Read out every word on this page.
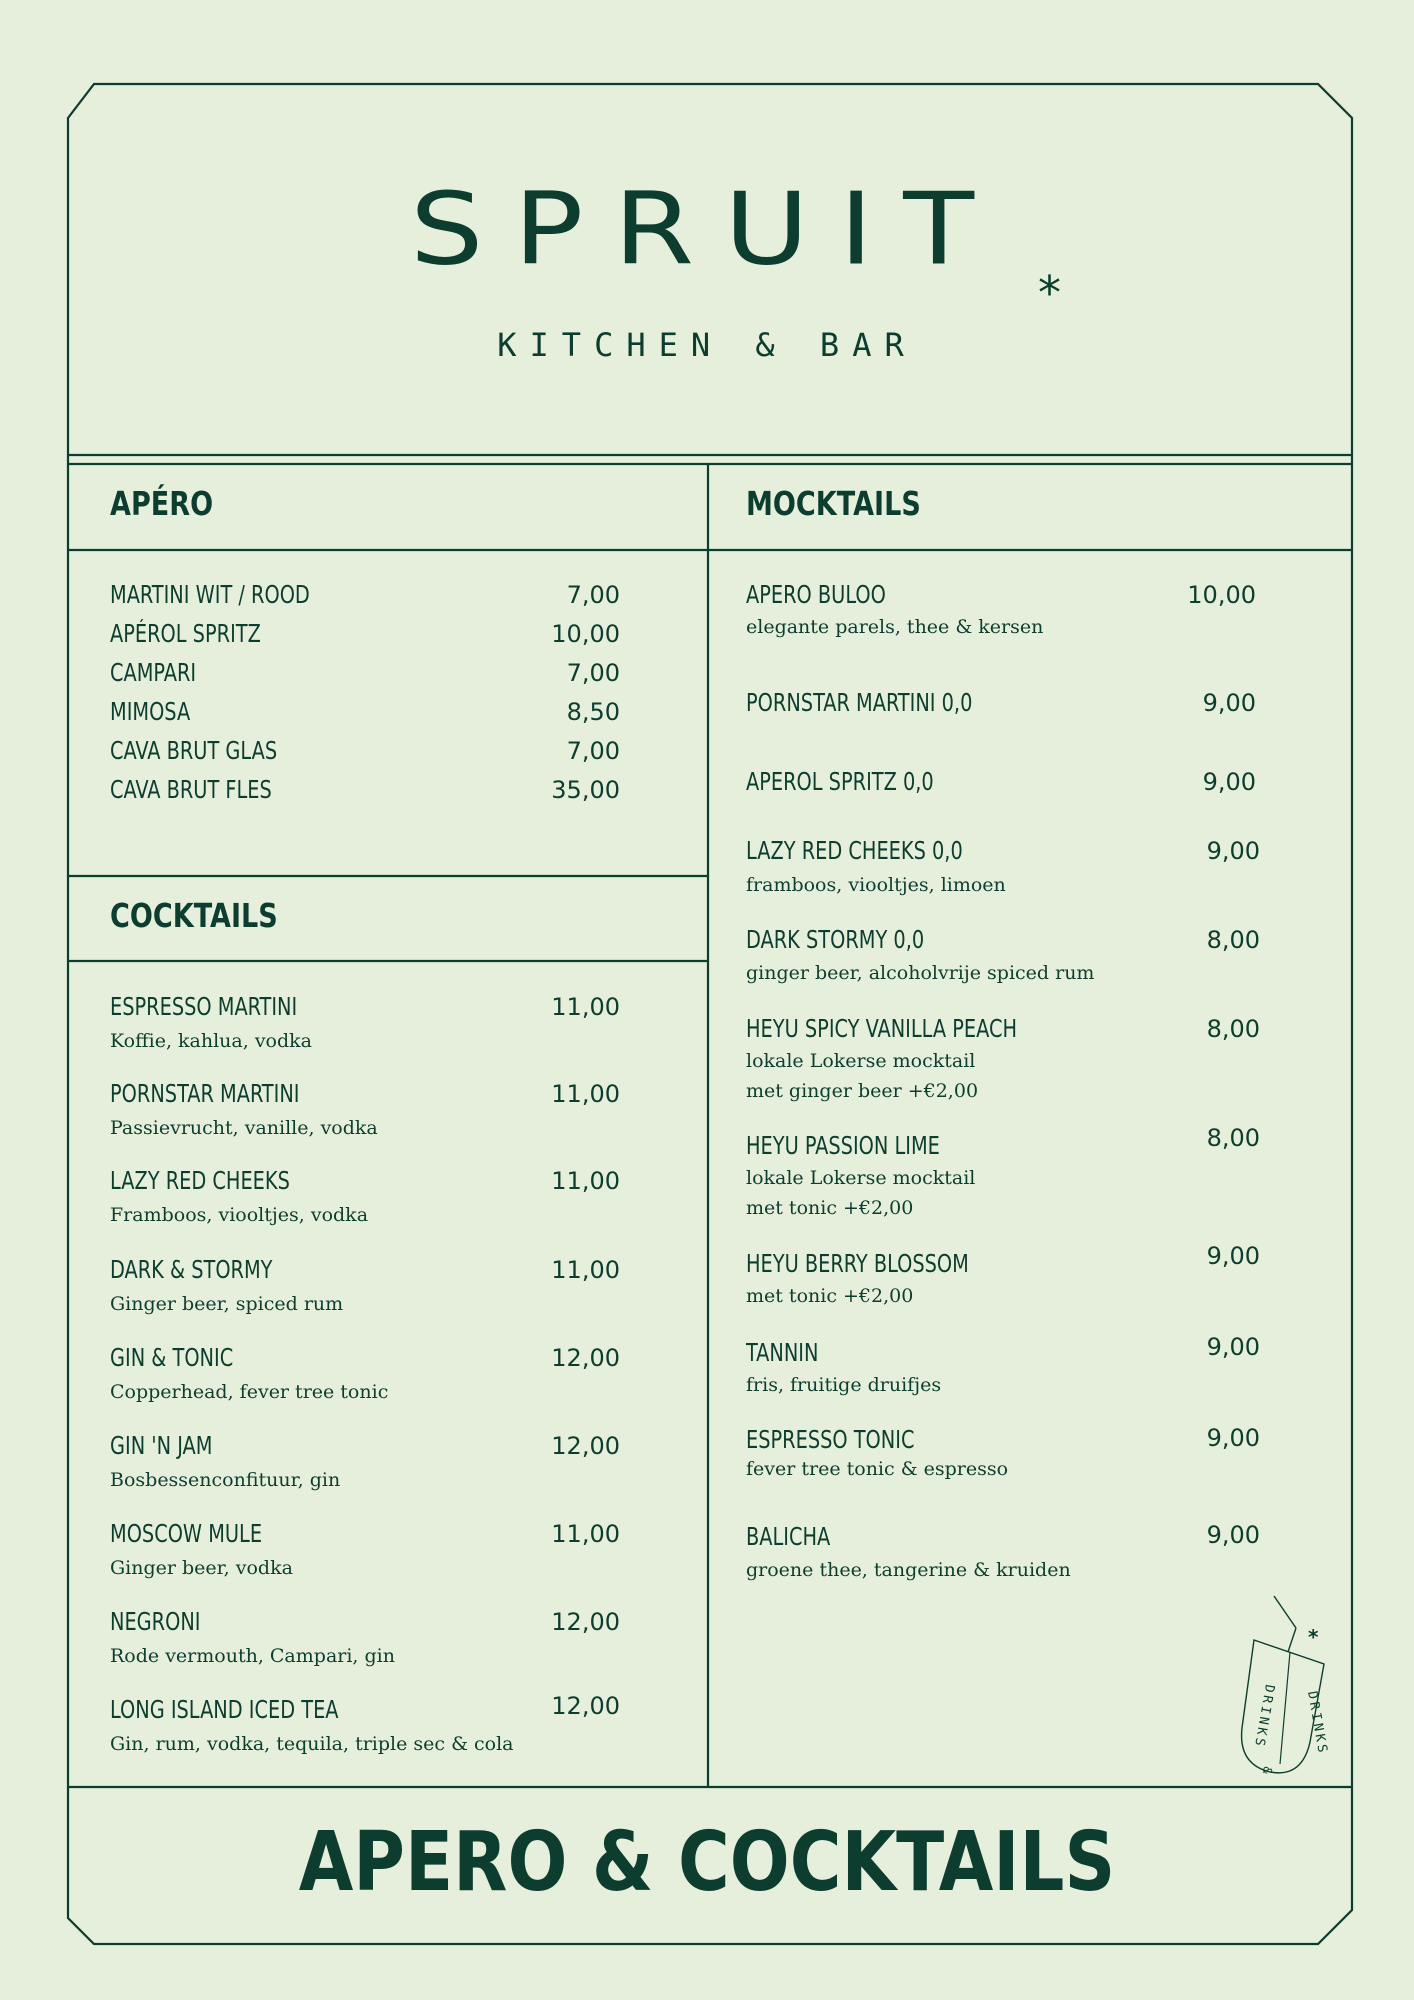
SPRUIT
*
KITCHEN & BAR
APÉRO	MOCKTAILS
COCKTAILS
MARTINI WIT / ROOD	7,00
APÉROL SPRITZ	10,00
CAMPARI	7,00
MIMOSA	8,50
CAVA BRUT GLAS	7,00
CAVA BRUT FLES	35,00
ESPRESSO MARTINI	11,00
Koffie, kahlua, vodka
PORNSTAR MARTINI	11,00
Passievrucht, vanille, vodka
LAZY RED CHEEKS	11,00
Framboos, viooltjes, vodka
DARK & STORMY	11,00
Ginger beer, spiced rum
GIN & TONIC	12,00
Copperhead, fever tree tonic
GIN 'N JAM	12,00
Bosbessenconfituur, gin
MOSCOW MULE	11,00
Ginger beer, vodka
NEGRONI	12,00
Rode vermouth, Campari, gin
LONG ISLAND ICED TEA	12,00
Gin, rum, vodka, tequila, triple sec & cola
APERO BULOO	10,00
elegante parels, thee & kersen
PORNSTAR MARTINI 0,0	9,00
APEROL SPRITZ 0,0	9,00
LAZY RED CHEEKS 0,0	9,00
framboos, viooltjes, limoen
DARK STORMY 0,0	8,00
ginger beer, alcoholvrije spiced rum
HEYU SPICY VANILLA PEACH	8,00
lokale Lokerse mocktail
met ginger beer +€2,00
HEYU PASSION LIME	8,00
lokale Lokerse mocktail
met tonic +€2,00
HEYU BERRY BLOSSOM	9,00
met tonic +€2,00
TANNIN	9,00
fris, fruitige druifjes
ESPRESSO TONIC	9,00
fever tree tonic & espresso
BALICHA	9,00
groene thee, tangerine & kruiden
*
DRINKS DRINKS
&
APERO & COCKTAILS
